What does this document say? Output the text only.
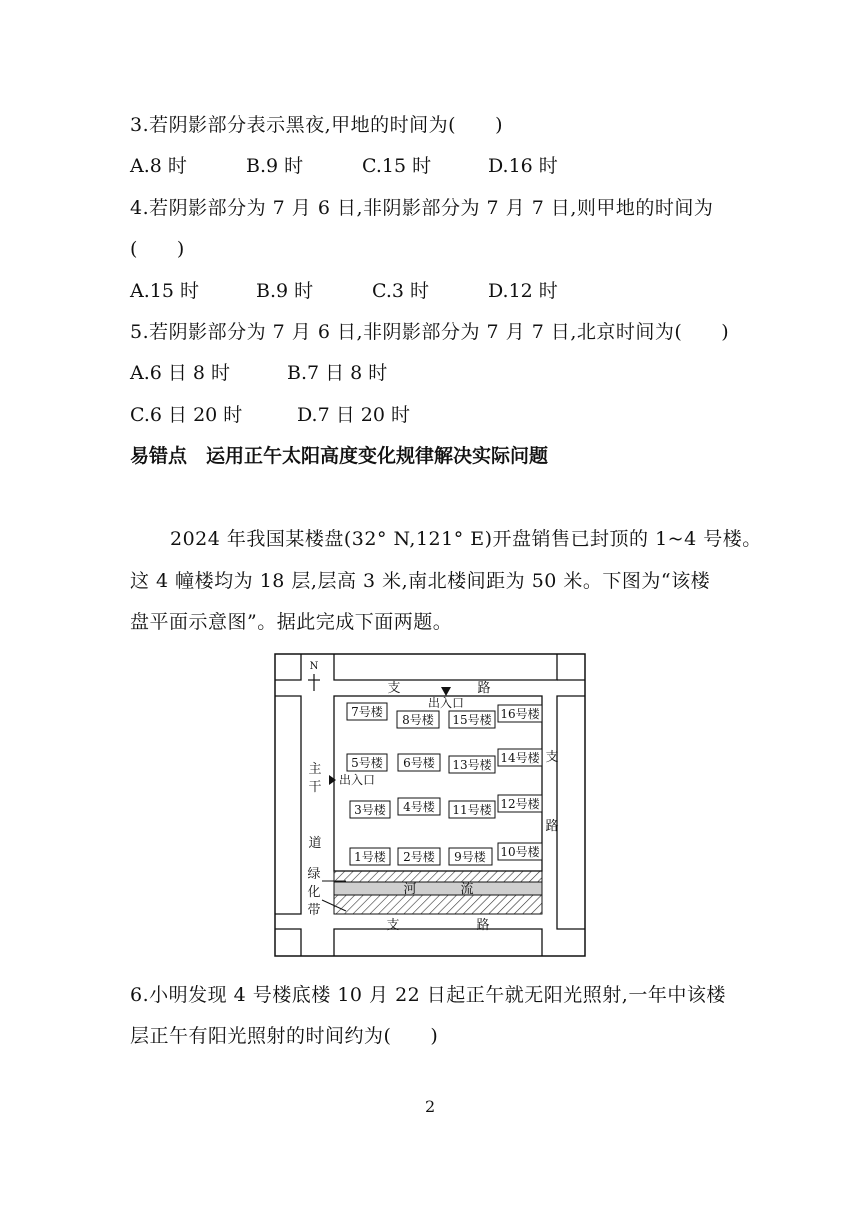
3.若阴影部分表示黑夜,甲地的时间为(　　)
A.8 时	B.9 时	C.15 时	D.16 时
4.若阴影部分为 7 月 6 日,非阴影部分为 7 月 7 日,则甲地的时间为
(　　)
A.15 时	B.9 时	C.3 时	D.12 时
5.若阴影部分为 7 月 6 日,非阴影部分为 7 月 7 日,北京时间为(　　)
A.6 日 8 时	B.7 日 8 时
C.6 日 20 时	D.7 日 20 时
易错点　运用正午太阳高度变化规律解决实际问题
2024 年我国某楼盘(32° N,121° E)开盘销售已封顶的 1~4 号楼。
这 4 幢楼均为 18 层,层高 3 米,南北楼间距为 50 米。下图为“该楼
盘平面示意图”。据此完成下面两题。
N
支	路
出入口
主
干
道
出入口
绿
化
带
支
路
河	流
支	路
7号楼
8号楼 15号楼 16号楼
5号楼 6号楼 13号楼 14号楼
3号楼 4号楼 11号楼 12号楼
1号楼 2号楼 9号楼 10号楼
6.小明发现 4 号楼底楼 10 月 22 日起正午就无阳光照射,一年中该楼
层正午有阳光照射的时间约为(　　)
2
